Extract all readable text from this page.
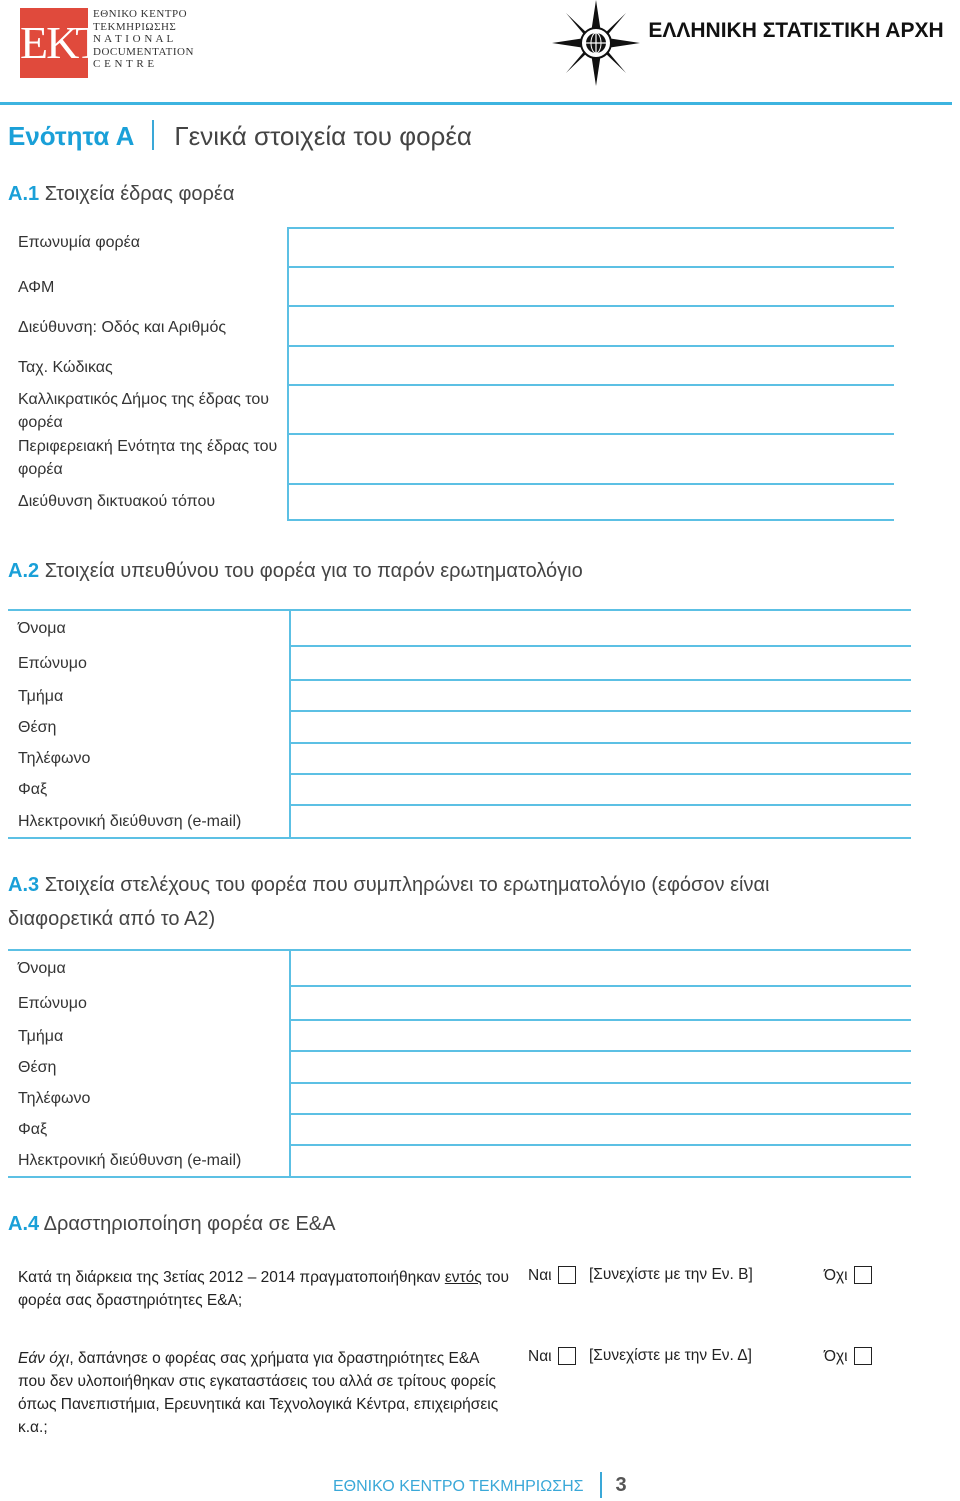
ΕΚΤ
ΕΘΝΙΚΟ ΚΕΝΤΡΟ
ΤΕΚΜΗΡΙΩΣΗΣ
N A T I O N A L
DOCUMENTATION
C E N T R E
ΕΛΛΗΝΙΚΗ ΣΤΑΤΙΣΤΙΚΗ ΑΡΧΗ
Ενότητα Α Γενικά στοιχεία του φορέα
Α.1 Στοιχεία έδρας φορέα
Επωνυμία φορέα
ΑΦΜ
Διεύθυνση: Οδός και Αριθμός
Ταχ. Κώδικας
Καλλικρατικός Δήμος της έδρας του φορέα
Περιφερειακή Ενότητα της έδρας του φορέα
Διεύθυνση δικτυακού τόπου
Α.2 Στοιχεία υπευθύνου του φορέα για το παρόν ερωτηματολόγιο
Όνομα
Επώνυμο
Τμήμα
Θέση
Τηλέφωνο
Φαξ
Ηλεκτρονική διεύθυνση (e-mail)
Α.3 Στοιχεία στελέχους του φορέα που συμπληρώνει το ερωτηματολόγιο (εφόσον είναι
διαφορετικά από το Α2)
Όνομα
Επώνυμο
Τμήμα
Θέση
Τηλέφωνο
Φαξ
Ηλεκτρονική διεύθυνση (e-mail)
Α.4 Δραστηριοποίηση φορέα σε Ε&Α
Κατά τη διάρκεια της 3ετίας 2012 – 2014 πραγματοποιήθηκαν εντός του φορέα σας δραστηριότητες Ε&Α;
Ναι	[Συνεχίστε με την Εν. Β]	Όχι
Εάν όχι, δαπάνησε ο φορέας σας χρήματα για δραστηριότητες Ε&Α που δεν υλοποιήθηκαν στις εγκαταστάσεις του αλλά σε τρίτους φορείς όπως Πανεπιστήμια, Ερευνητικά και Τεχνολογικά Κέντρα, επιχειρήσεις κ.α.;
Ναι	[Συνεχίστε με την Εν. Δ]	Όχι
ΕΘΝΙΚΟ ΚΕΝΤΡΟ ΤΕΚΜΗΡΙΩΣΗΣ 3
